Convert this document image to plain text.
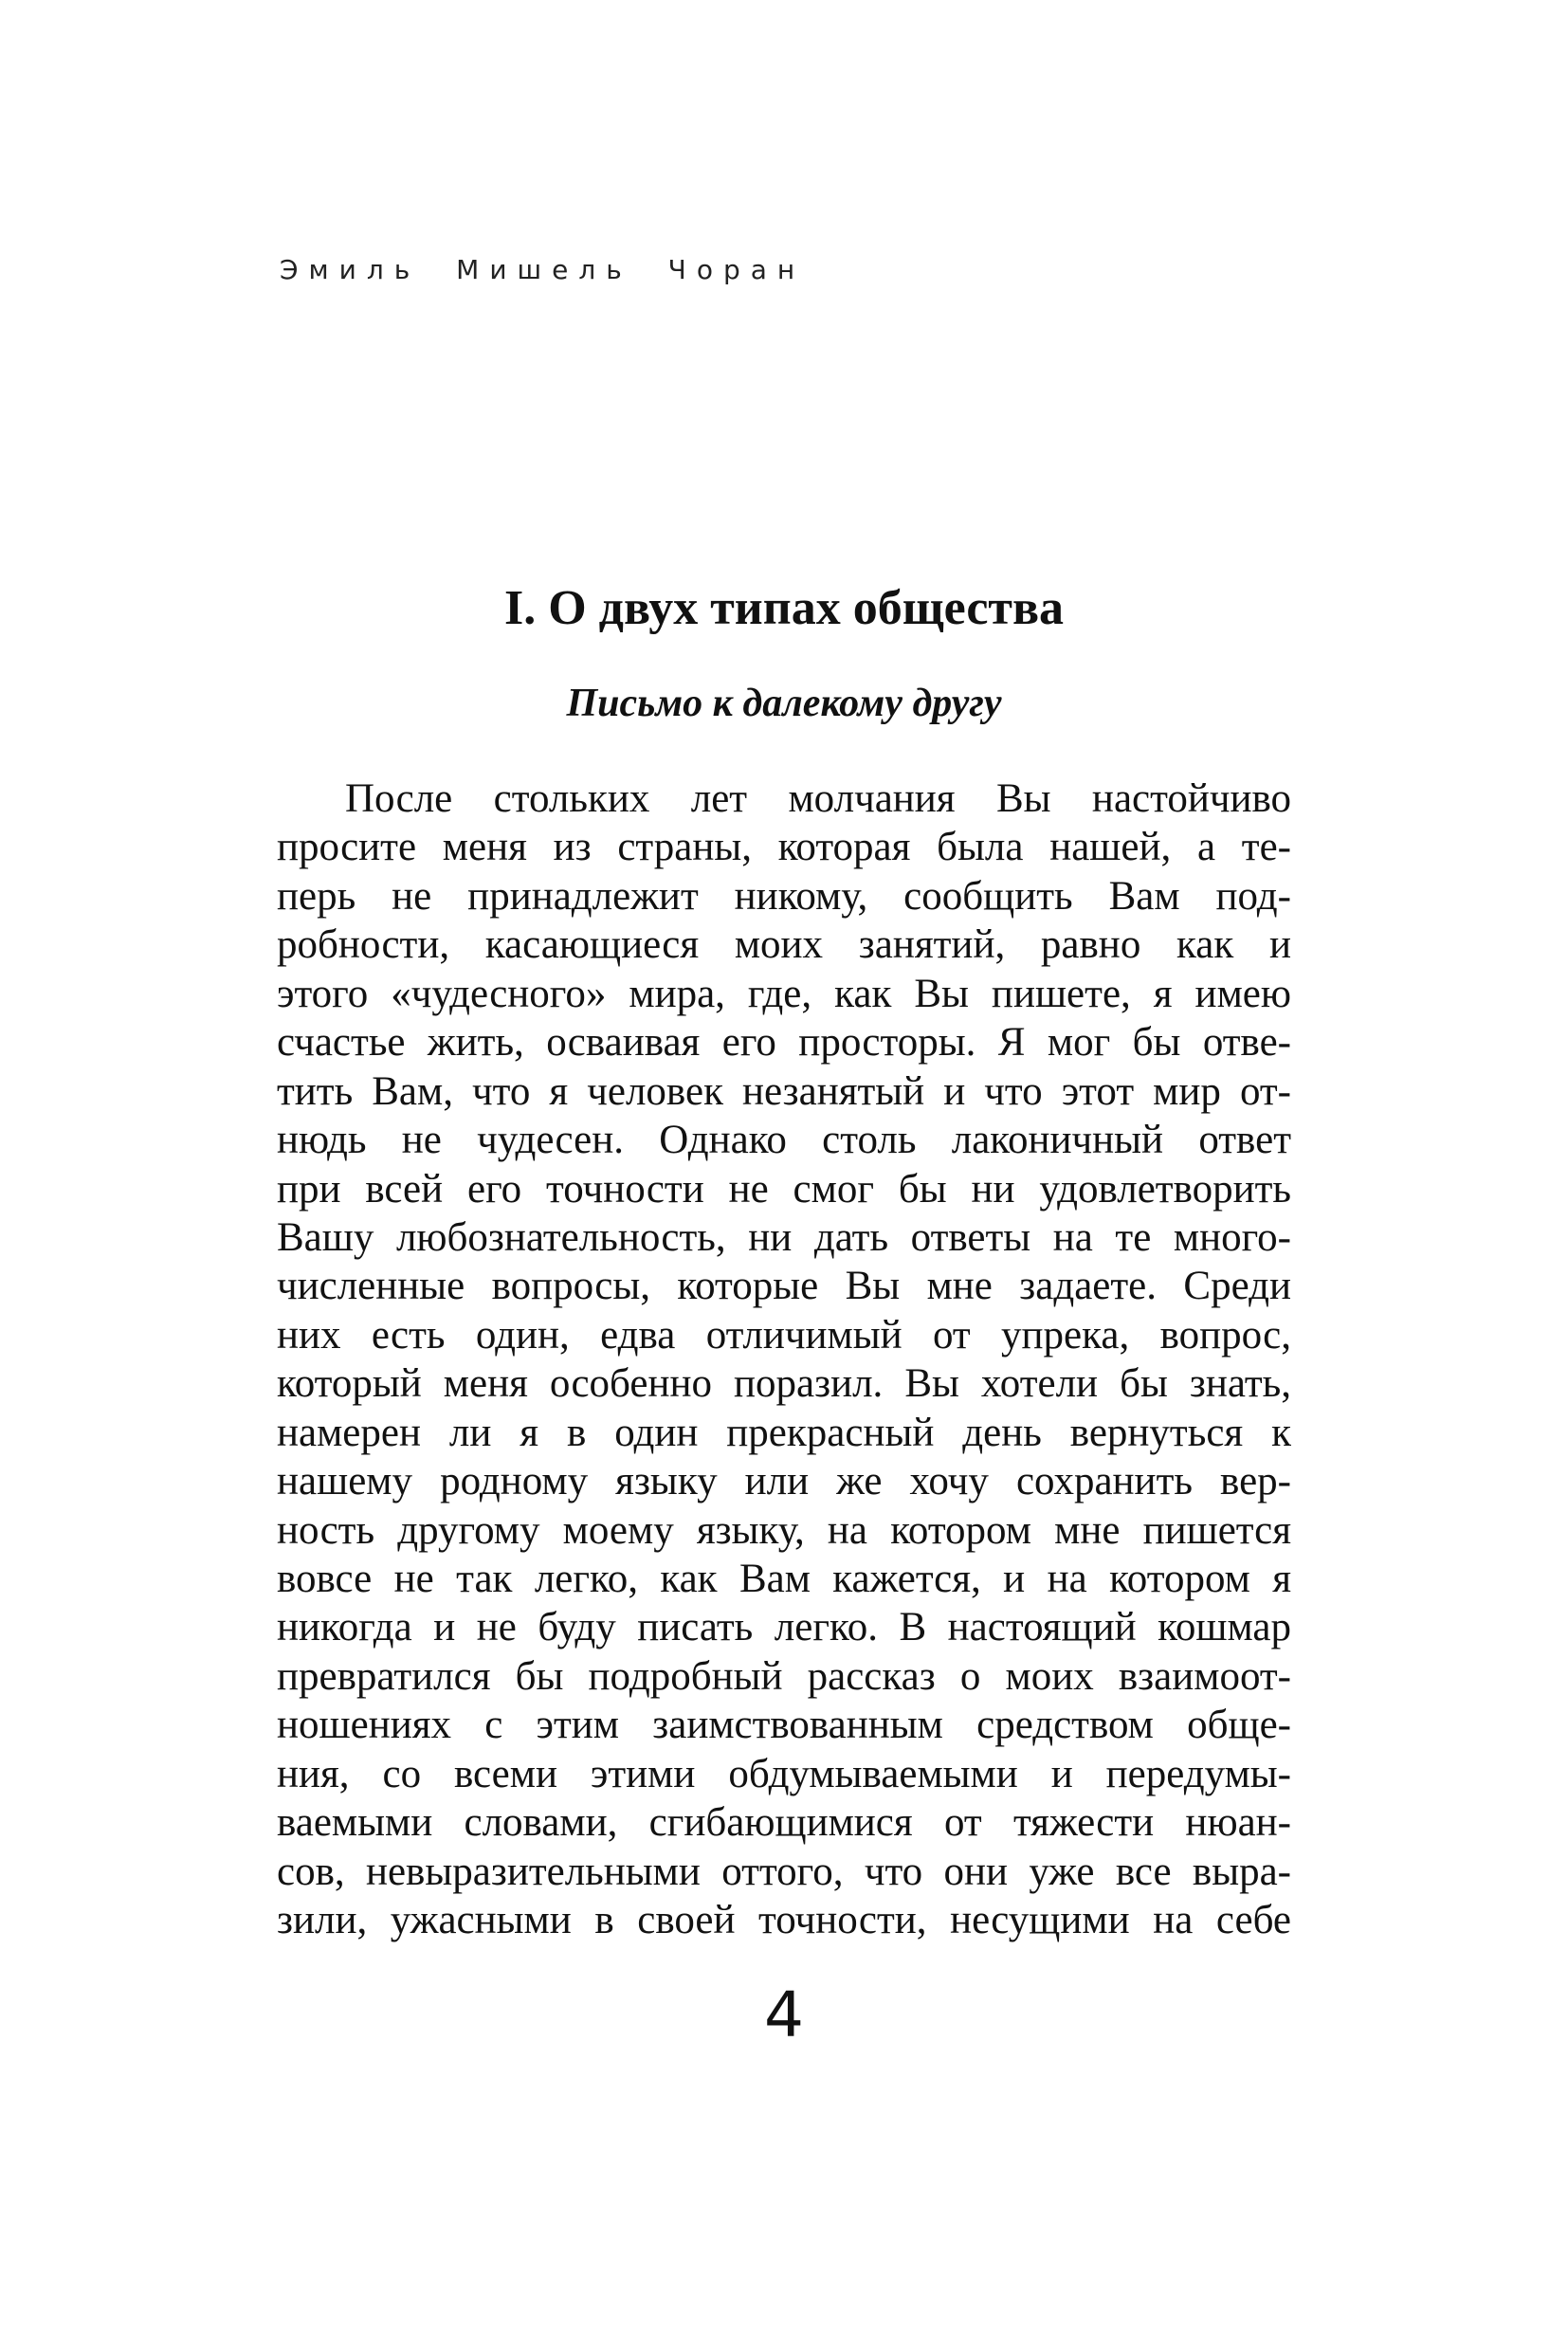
Эмиль Мишель Чоран
I. О двух типах общества
Письмо к далекому другу
После стольких лет молчания Вы настойчиво
просите меня из страны, которая была нашей, а те-
перь не принадлежит никому, сообщить Вам под-
робности, касающиеся моих занятий, равно как и
этого «чудесного» мира, где, как Вы пишете, я имею
счастье жить, осваивая его просторы. Я мог бы отве-
тить Вам, что я человек незанятый и что этот мир от-
нюдь не чудесен. Однако столь лаконичный ответ
при всей его точности не смог бы ни удовлетворить
Вашу любознательность, ни дать ответы на те много-
численные вопросы, которые Вы мне задаете. Среди
них есть один, едва отличимый от упрека, вопрос,
который меня особенно поразил. Вы хотели бы знать,
намерен ли я в один прекрасный день вернуться к
нашему родному языку или же хочу сохранить вер-
ность другому моему языку, на котором мне пишется
вовсе не так легко, как Вам кажется, и на котором я
никогда и не буду писать легко. В настоящий кошмар
превратился бы подробный рассказ о моих взаимоот-
ношениях с этим заимствованным средством обще-
ния, со всеми этими обдумываемыми и передумы-
ваемыми словами, сгибающимися от тяжести нюан-
сов, невыразительными оттого, что они уже все выра-
зили, ужасными в своей точности, несущими на себе
4
